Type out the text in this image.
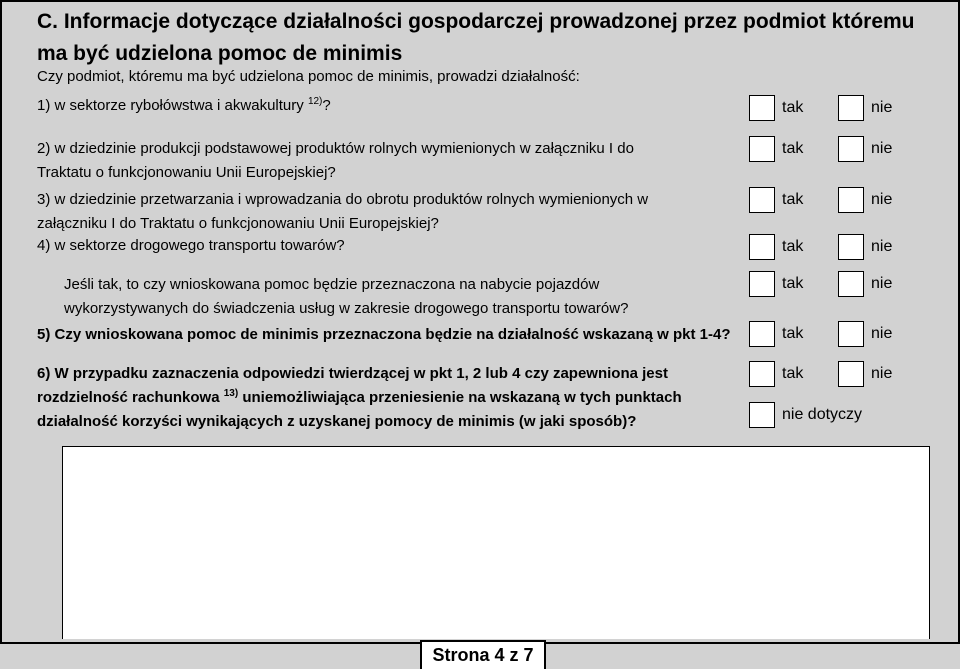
C. Informacje dotyczące działalności gospodarczej prowadzonej przez podmiot któremu ma być udzielona pomoc de minimis
Czy podmiot, któremu ma być udzielona pomoc de minimis, prowadzi działalność:
1) w sektorze rybołówstwa i akwakultury $^{12)}$?	tak	nie
2) w dziedzinie produkcji podstawowej produktów rolnych wymienionych w załączniku I do
Traktatu o funkcjonowaniu Unii Europejskiej?
tak	nie
3) w dziedzinie przetwarzania i wprowadzania do obrotu produktów rolnych wymienionych w
załączniku I do Traktatu o funkcjonowaniu Unii Europejskiej?
tak	nie
4) w sektorze drogowego transportu towarów?	tak	nie
Jeśli tak, to czy wnioskowana pomoc będzie przeznaczona na nabycie pojazdów
wykorzystywanych do świadczenia usług w zakresie drogowego transportu towarów?
tak	nie
5) Czy wnioskowana pomoc de minimis przeznaczona będzie na działalność wskazaną w pkt 1-4?	tak	nie
6) W przypadku zaznaczenia odpowiedzi twierdzącej w pkt 1, 2 lub 4 czy zapewniona jest
rozdzielność rachunkowa $^{13)}$ uniemożliwiająca przeniesienie na wskazaną w tych punktach
działalność korzyści wynikających z uzyskanej pomocy de minimis (w jaki sposób)?
tak	nie
nie dotyczy
Strona 4 z 7
